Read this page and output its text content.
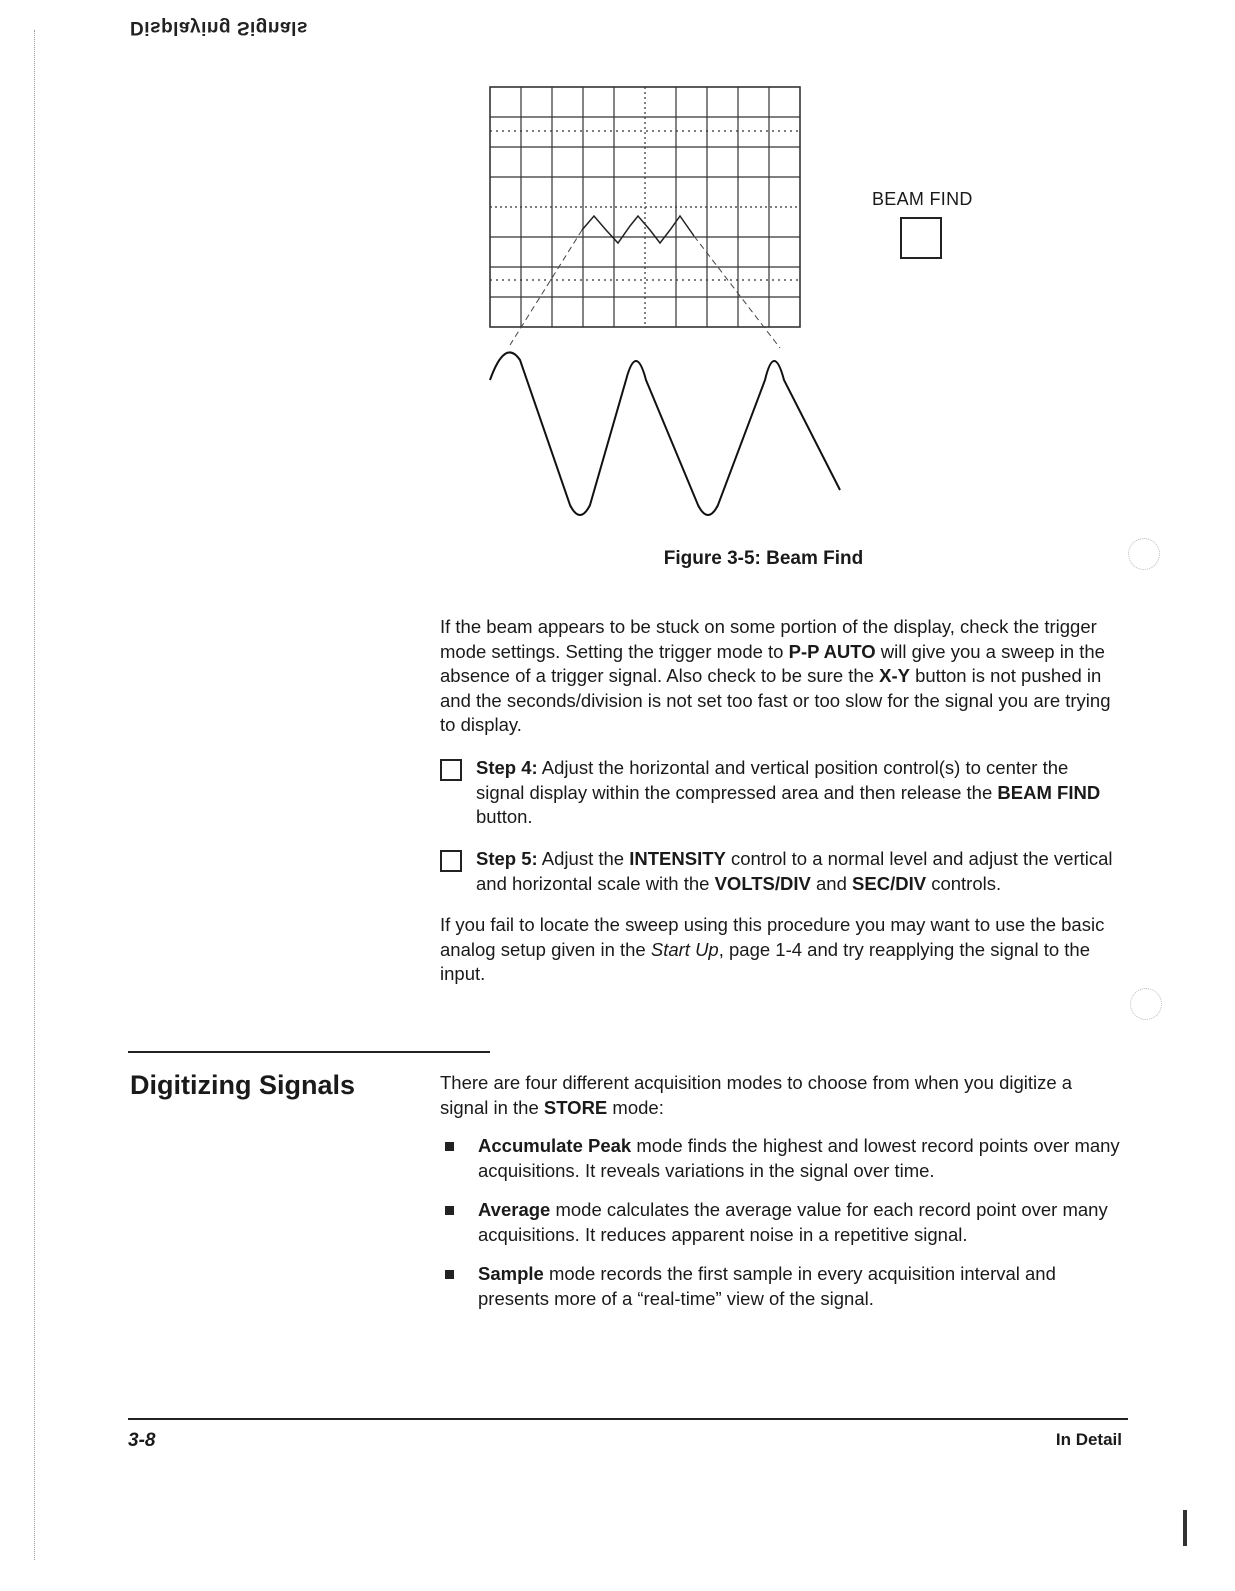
Displaying Signals
BEAM FIND
Figure 3-5: Beam Find
If the beam appears to be stuck on some portion of the display, check the trigger mode settings. Setting the trigger mode to P-P AUTO will give you a sweep in the absence of a trigger signal. Also check to be sure the X-Y button is not pushed in and the seconds/division is not set too fast or too slow for the signal you are trying to display.
Step 4: Adjust the horizontal and vertical position control(s) to center the signal display within the compressed area and then release the BEAM FIND button.
Step 5: Adjust the INTENSITY control to a normal level and adjust the vertical and horizontal scale with the VOLTS/DIV and SEC/DIV controls.
If you fail to locate the sweep using this procedure you may want to use the basic analog setup given in the Start Up, page 1-4 and try reapplying the signal to the input.
Digitizing Signals	There are four different acquisition modes to choose from when you digitize a signal in the STORE mode:
Accumulate Peak mode finds the highest and lowest record points over many acquisitions. It reveals variations in the signal over time.
Average mode calculates the average value for each record point over many acquisitions. It reduces apparent noise in a repetitive signal.
Sample mode records the first sample in every acquisition interval and presents more of a “real-time” view of the signal.
3-8	In Detail
